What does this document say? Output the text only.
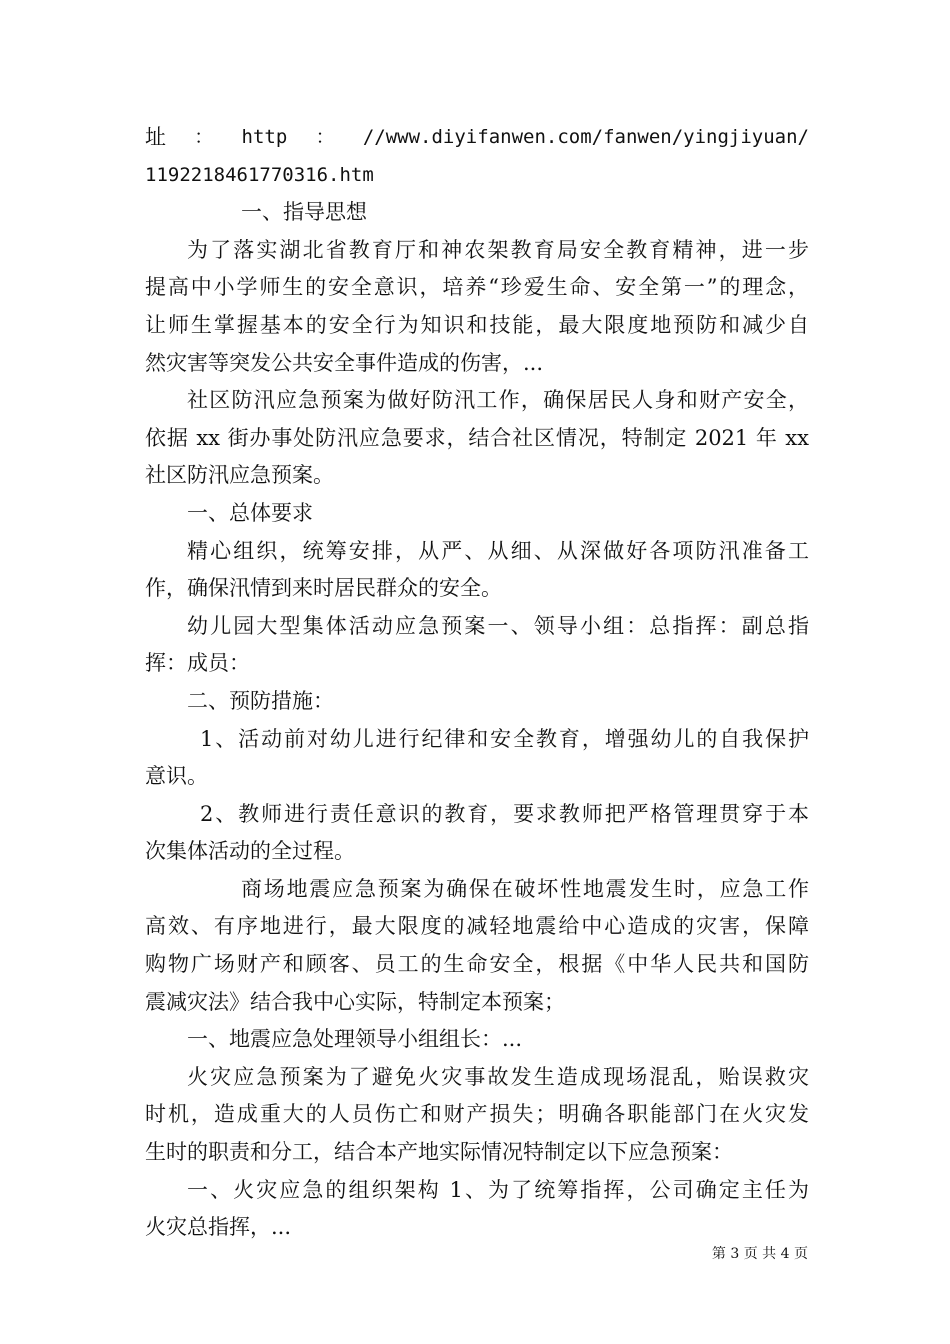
址 ： http ： //www.diyifanwen.com/fanwen/yingjiyuan/
1192218461770316.htm
一、指导思想
为了落实湖北省教育厅和神农架教育局安全教育精神，进一步
提高中小学师生的安全意识，培养“珍爱生命、安全第一”的理念，
让师生掌握基本的安全行为知识和技能，最大限度地预防和减少自
然灾害等突发公共安全事件造成的伤害，...
社区防汛应急预案为做好防汛工作，确保居民人身和财产安全，
依据 xx 街办事处防汛应急要求，结合社区情况，特制定 2021 年 xx
社区防汛应急预案。
一、总体要求
精心组织，统筹安排，从严、从细、从深做好各项防汛准备工
作，确保汛情到来时居民群众的安全。
幼儿园大型集体活动应急预案一、领导小组：总指挥：副总指
挥：成员：
二、预防措施：
1、活动前对幼儿进行纪律和安全教育，增强幼儿的自我保护
意识。
2、教师进行责任意识的教育，要求教师把严格管理贯穿于本
次集体活动的全过程。
商场地震应急预案为确保在破坏性地震发生时，应急工作
高效、有序地进行，最大限度的减轻地震给中心造成的灾害，保障
购物广场财产和顾客、员工的生命安全，根据《中华人民共和国防
震减灾法》结合我中心实际，特制定本预案；
一、地震应急处理领导小组组长：...
火灾应急预案为了避免火灾事故发生造成现场混乱，贻误救灾
时机，造成重大的人员伤亡和财产损失；明确各职能部门在火灾发
生时的职责和分工，结合本产地实际情况特制定以下应急预案：
一、火灾应急的组织架构 1、为了统筹指挥，公司确定主任为
火灾总指挥，...
第 3 页 共 4 页
